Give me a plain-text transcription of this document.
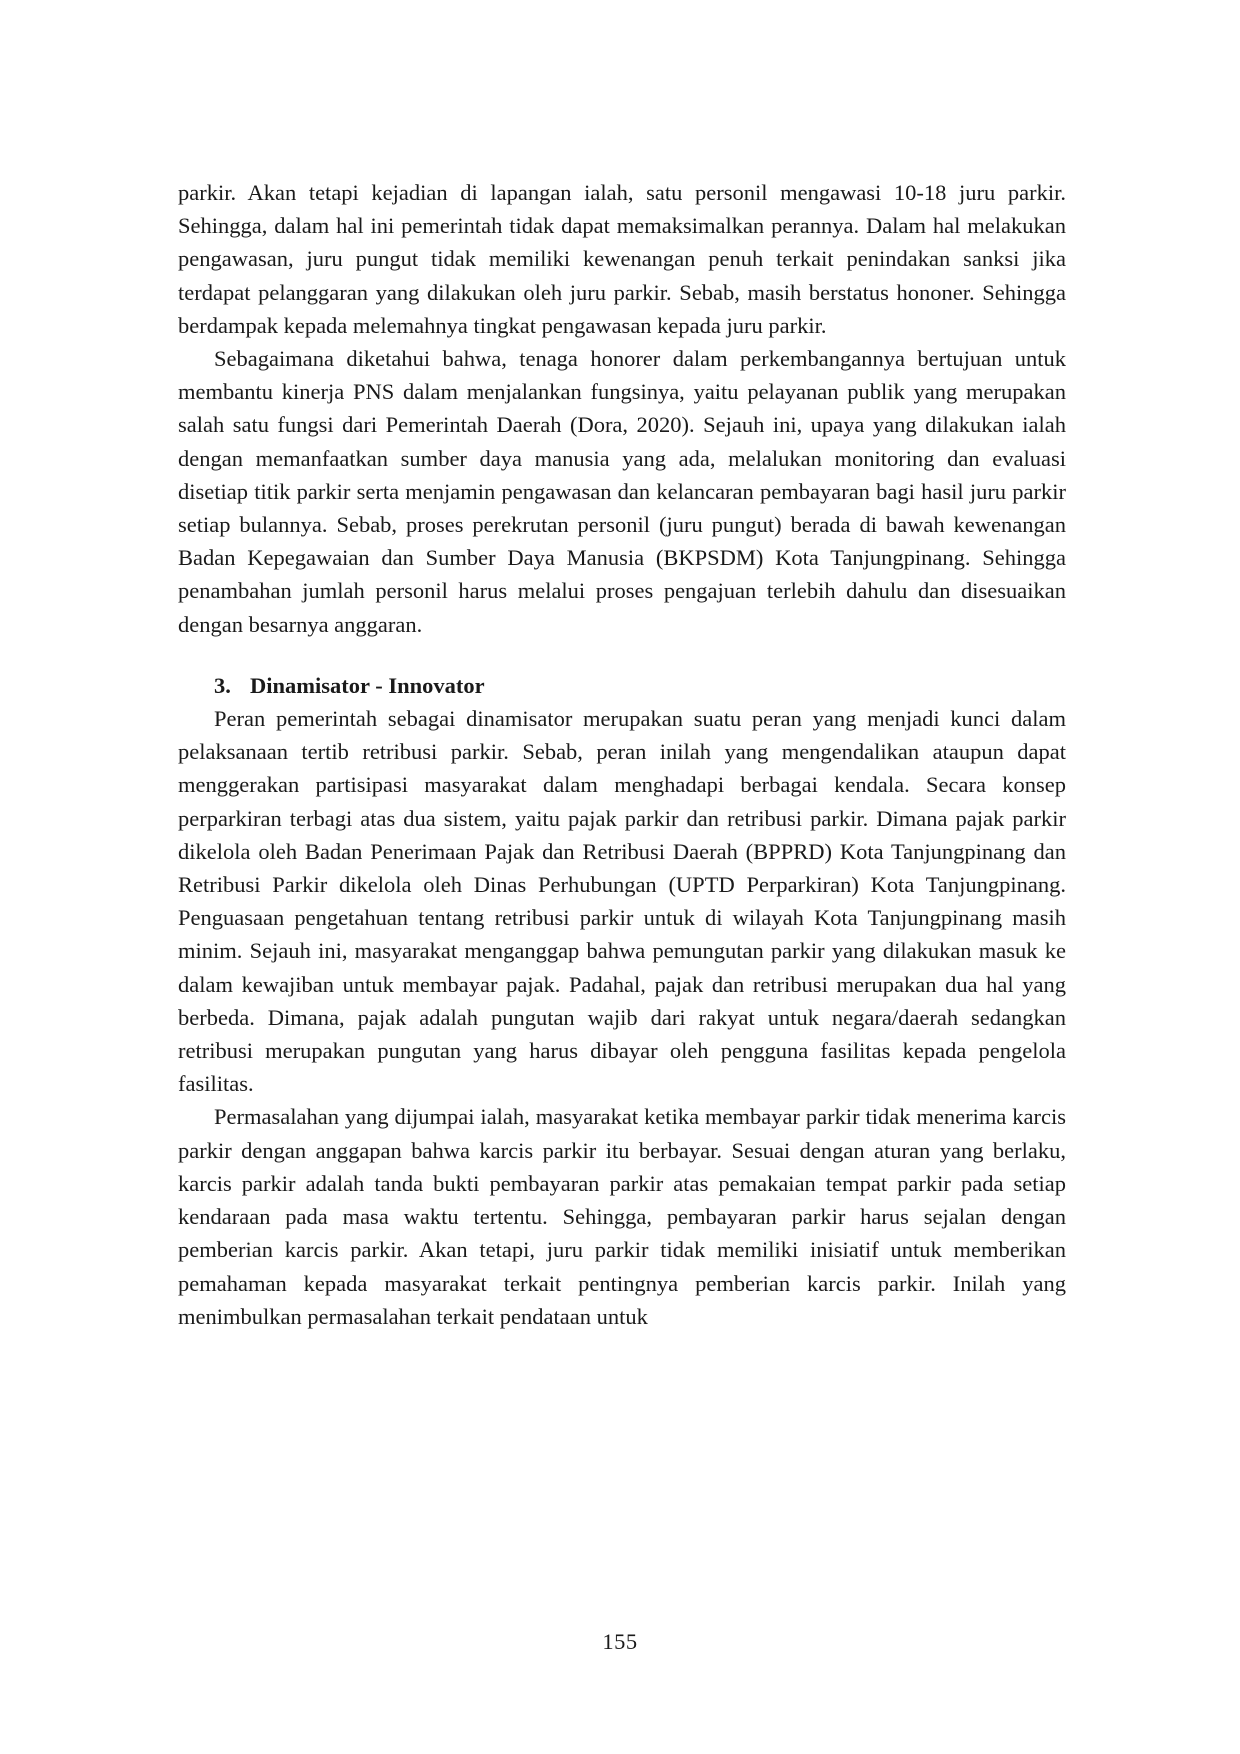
parkir. Akan tetapi kejadian di lapangan ialah, satu personil mengawasi 10-18 juru parkir. Sehingga, dalam hal ini pemerintah tidak dapat memaksimalkan perannya. Dalam hal melakukan pengawasan, juru pungut tidak memiliki kewenangan penuh terkait penindakan sanksi jika terdapat pelanggaran yang dilakukan oleh juru parkir. Sebab, masih berstatus hononer. Sehingga berdampak kepada melemahnya tingkat pengawasan kepada juru parkir.

Sebagaimana diketahui bahwa, tenaga honorer dalam perkembangannya bertujuan untuk membantu kinerja PNS dalam menjalankan fungsinya, yaitu pelayanan publik yang merupakan salah satu fungsi dari Pemerintah Daerah (Dora, 2020). Sejauh ini, upaya yang dilakukan ialah dengan memanfaatkan sumber daya manusia yang ada, melalukan monitoring dan evaluasi disetiap titik parkir serta menjamin pengawasan dan kelancaran pembayaran bagi hasil juru parkir setiap bulannya. Sebab, proses perekrutan personil (juru pungut) berada di bawah kewenangan Badan Kepegawaian dan Sumber Daya Manusia (BKPSDM) Kota Tanjungpinang. Sehingga penambahan jumlah personil harus melalui proses pengajuan terlebih dahulu dan disesuaikan dengan besarnya anggaran.

3. Dinamisator - Innovator

Peran pemerintah sebagai dinamisator merupakan suatu peran yang menjadi kunci dalam pelaksanaan tertib retribusi parkir. Sebab, peran inilah yang mengendalikan ataupun dapat menggerakan partisipasi masyarakat dalam menghadapi berbagai kendala. Secara konsep perparkiran terbagi atas dua sistem, yaitu pajak parkir dan retribusi parkir. Dimana pajak parkir dikelola oleh Badan Penerimaan Pajak dan Retribusi Daerah (BPPRD) Kota Tanjungpinang dan Retribusi Parkir dikelola oleh Dinas Perhubungan (UPTD Perparkiran) Kota Tanjungpinang. Penguasaan pengetahuan tentang retribusi parkir untuk di wilayah Kota Tanjungpinang masih minim. Sejauh ini, masyarakat menganggap bahwa pemungutan parkir yang dilakukan masuk ke dalam kewajiban untuk membayar pajak. Padahal, pajak dan retribusi merupakan dua hal yang berbeda. Dimana, pajak adalah pungutan wajib dari rakyat untuk negara/daerah sedangkan retribusi merupakan pungutan yang harus dibayar oleh pengguna fasilitas kepada pengelola fasilitas.

Permasalahan yang dijumpai ialah, masyarakat ketika membayar parkir tidak menerima karcis parkir dengan anggapan bahwa karcis parkir itu berbayar. Sesuai dengan aturan yang berlaku, karcis parkir adalah tanda bukti pembayaran parkir atas pemakaian tempat parkir pada setiap kendaraan pada masa waktu tertentu. Sehingga, pembayaran parkir harus sejalan dengan pemberian karcis parkir. Akan tetapi, juru parkir tidak memiliki inisiatif untuk memberikan pemahaman kepada masyarakat terkait pentingnya pemberian karcis parkir. Inilah yang menimbulkan permasalahan terkait pendataan untuk

155
